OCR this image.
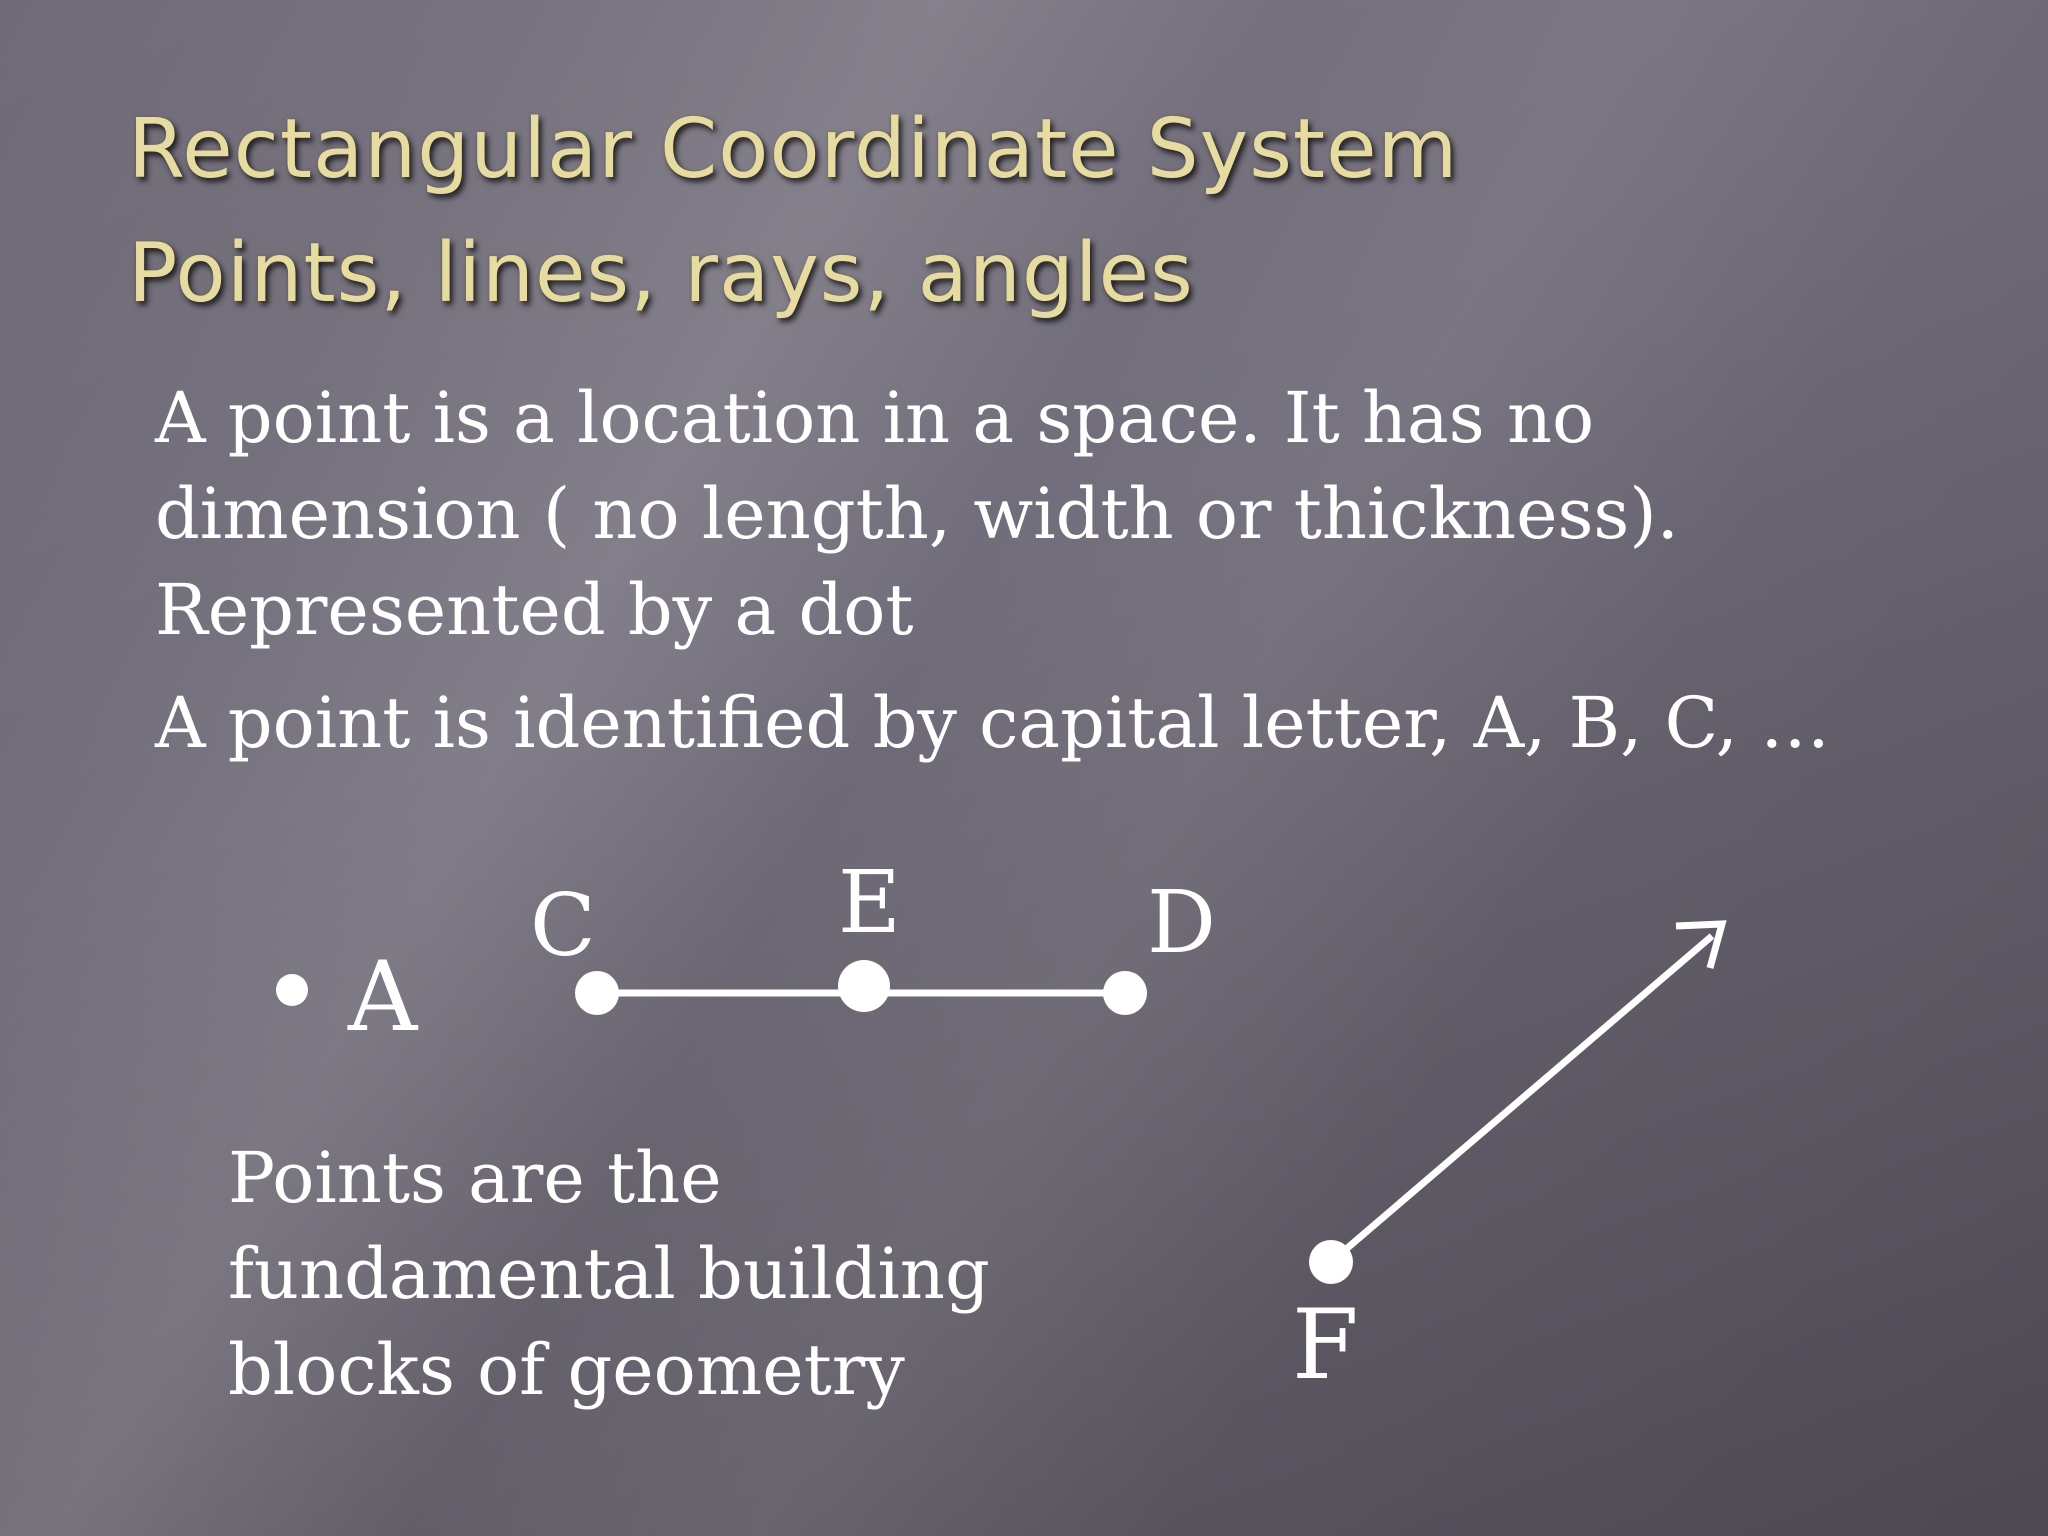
Rectangular Coordinate System
Points, lines, rays, angles

A point is a location in a space. It has no dimension ( no length, width or thickness). Represented by a dot

A point is identified by capital letter, A, B, C, …

Points are the fundamental building blocks of geometry

A
C	E	D
F
